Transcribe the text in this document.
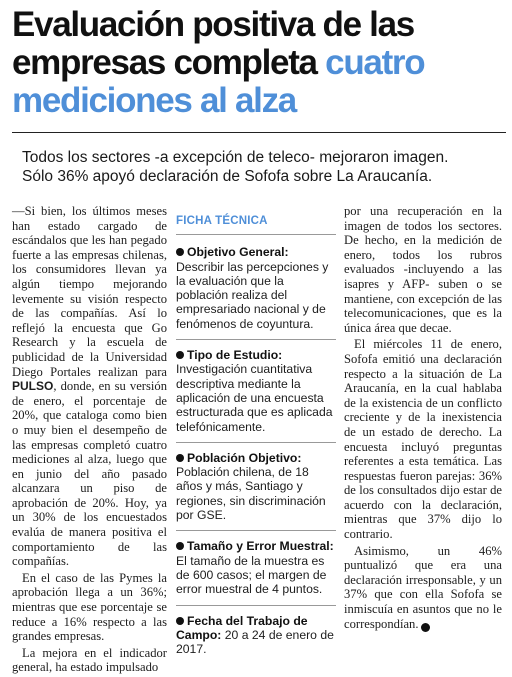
Evaluación positiva de las empresas completa cuatro mediciones al alza
Todos los sectores -a excepción de teleco- mejoraron imagen.
Sólo 36% apoyó declaración de Sofofa sobre La Araucanía.

—Si bien, los últimos meses han estado cargado de escándalos que les han pegado fuerte a las empresas chilenas, los consumidores llevan ya algún tiempo mejorando levemente su visión respecto de las compañías. Así lo reflejó la encuesta que Go Research y la escuela de publicidad de la Universidad Diego Portales realizan para PULSO, donde, en su versión de enero, el porcentaje de 20%, que cataloga como bien o muy bien el desempeño de las empresas completó cuatro mediciones al alza, luego que en junio del año pasado alcanzara un piso de aprobación de 20%. Hoy, ya un 30% de los encuestados evalúa de manera positiva el comportamiento de las compañías.

En el caso de las Pymes la aprobación llega a un 36%; mientras que ese porcentaje se reduce a 16% respecto a las grandes empresas.

La mejora en el indicador general, ha estado impulsado

FICHA TÉCNICA
Objetivo General: Describir las percepciones y la evaluación que la población realiza del empresariado nacional y de fenómenos de coyuntura.
Tipo de Estudio: Investigación cuantitativa descriptiva mediante la aplicación de una encuesta estructurada que es aplicada telefónicamente.
Población Objetivo: Población chilena, de 18 años y más, Santiago y regiones, sin discriminación por GSE.
Tamaño y Error Muestral: El tamaño de la muestra es de 600 casos; el margen de error muestral de 4 puntos.
Fecha del Trabajo de Campo: 20 a 24 de enero de 2017.

por una recuperación en la imagen de todos los sectores. De hecho, en la medición de enero, todos los rubros evaluados -incluyendo a las isapres y AFP- suben o se mantiene, con excepción de las telecomunicaciones, que es la única área que decae.

El miércoles 11 de enero, Sofofa emitió una declaración respecto a la situación de La Araucanía, en la cual hablaba de la existencia de un conflicto creciente y de la inexistencia de un estado de derecho. La encuesta incluyó preguntas referentes a esta temática. Las respuestas fueron parejas: 36% de los consultados dijo estar de acuerdo con la declaración, mientras que 37% dijo lo contrario.

Asimismo, un 46% puntualizó que era una declaración irresponsable, y un 37% que con ella Sofofa se inmiscuía en asuntos que no le correspondían. P
